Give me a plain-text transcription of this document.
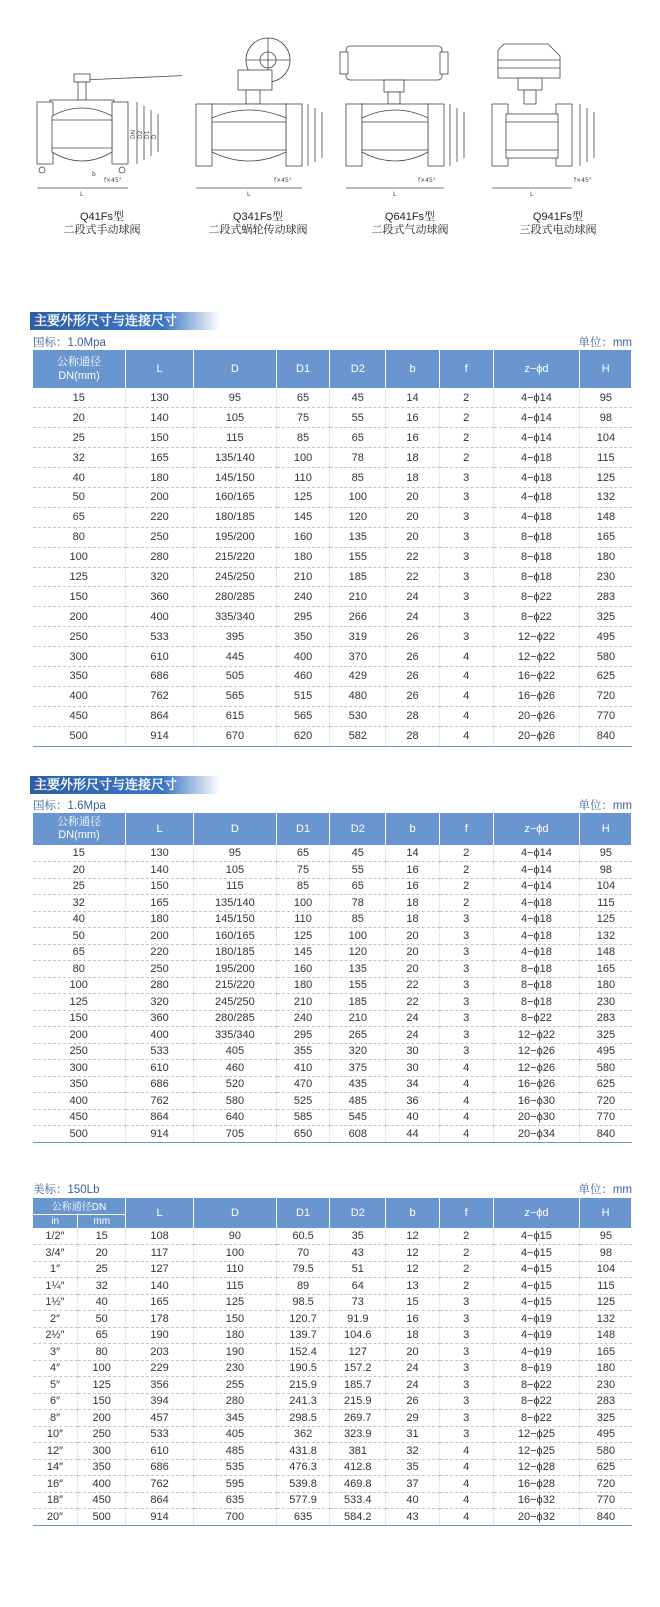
L
DN D2 D1 D
f×45°
b
Q41Fs型
二段式手动球阀
L
f×45°
Q341Fs型
二段式蜗轮传动球阀
L
f×45°
Q641Fs型
二段式气动球阀
L
f×45°
Q941Fs型
三段式电动球阀
主要外形尺寸与连接尺寸
国标：1.0Mpa	单位：mm
公称通径
DN(mm)	L	D	D1	D2	b	f	z−ϕd	H
15	130	95	65	45	14	2	4−ϕ14	95
20	140	105	75	55	16	2	4−ϕ14	98
25	150	115	85	65	16	2	4−ϕ14	104
32	165	135/140	100	78	18	2	4−ϕ18	115
40	180	145/150	110	85	18	3	4−ϕ18	125
50	200	160/165	125	100	20	3	4−ϕ18	132
65	220	180/185	145	120	20	3	4−ϕ18	148
80	250	195/200	160	135	20	3	8−ϕ18	165
100	280	215/220	180	155	22	3	8−ϕ18	180
125	320	245/250	210	185	22	3	8−ϕ18	230
150	360	280/285	240	210	24	3	8−ϕ22	283
200	400	335/340	295	266	24	3	8−ϕ22	325
250	533	395	350	319	26	3	12−ϕ22	495
300	610	445	400	370	26	4	12−ϕ22	580
350	686	505	460	429	26	4	16−ϕ22	625
400	762	565	515	480	26	4	16−ϕ26	720
450	864	615	565	530	28	4	20−ϕ26	770
500	914	670	620	582	28	4	20−ϕ26	840
主要外形尺寸与连接尺寸
国标：1.6Mpa	单位：mm
公称通径
DN(mm)	L	D	D1	D2	b	f	z−ϕd	H
15	130	95	65	45	14	2	4−ϕ14	95
20	140	105	75	55	16	2	4−ϕ14	98
25	150	115	85	65	16	2	4−ϕ14	104
32	165	135/140	100	78	18	2	4−ϕ18	115
40	180	145/150	110	85	18	3	4−ϕ18	125
50	200	160/165	125	100	20	3	4−ϕ18	132
65	220	180/185	145	120	20	3	4−ϕ18	148
80	250	195/200	160	135	20	3	8−ϕ18	165
100	280	215/220	180	155	22	3	8−ϕ18	180
125	320	245/250	210	185	22	3	8−ϕ18	230
150	360	280/285	240	210	24	3	8−ϕ22	283
200	400	335/340	295	265	24	3	12−ϕ22	325
250	533	405	355	320	30	3	12−ϕ26	495
300	610	460	410	375	30	4	12−ϕ26	580
350	686	520	470	435	34	4	16−ϕ26	625
400	762	580	525	485	36	4	16−ϕ30	720
450	864	640	585	545	40	4	20−ϕ30	770
500	914	705	650	608	44	4	20−ϕ34	840
美标：150Lb	单位：mm
公称通径DN		L	D	D1	D2	b	f	z−ϕd	H
in	mm								
1/2″	15	108	90	60.5	35	12	2	4−ϕ15	95
3/4″	20	117	100	70	43	12	2	4−ϕ15	98
1″	25	127	110	79.5	51	12	2	4−ϕ15	104
1¼″	32	140	115	89	64	13	2	4−ϕ15	115
1½″	40	165	125	98.5	73	15	3	4−ϕ15	125
2″	50	178	150	120.7	91.9	16	3	4−ϕ19	132
2½″	65	190	180	139.7	104.6	18	3	4−ϕ19	148
3″	80	203	190	152.4	127	20	3	4−ϕ19	165
4″	100	229	230	190.5	157.2	24	3	8−ϕ19	180
5″	125	356	255	215.9	185.7	24	3	8−ϕ22	230
6″	150	394	280	241.3	215.9	26	3	8−ϕ22	283
8″	200	457	345	298.5	269.7	29	3	8−ϕ22	325
10″	250	533	405	362	323.9	31	3	12−ϕ25	495
12″	300	610	485	431.8	381	32	4	12−ϕ25	580
14″	350	686	535	476.3	412.8	35	4	12−ϕ28	625
16″	400	762	595	539.8	469.8	37	4	16−ϕ28	720
18″	450	864	635	577.9	533.4	40	4	16−ϕ32	770
20″	500	914	700	635	584.2	43	4	20−ϕ32	840
